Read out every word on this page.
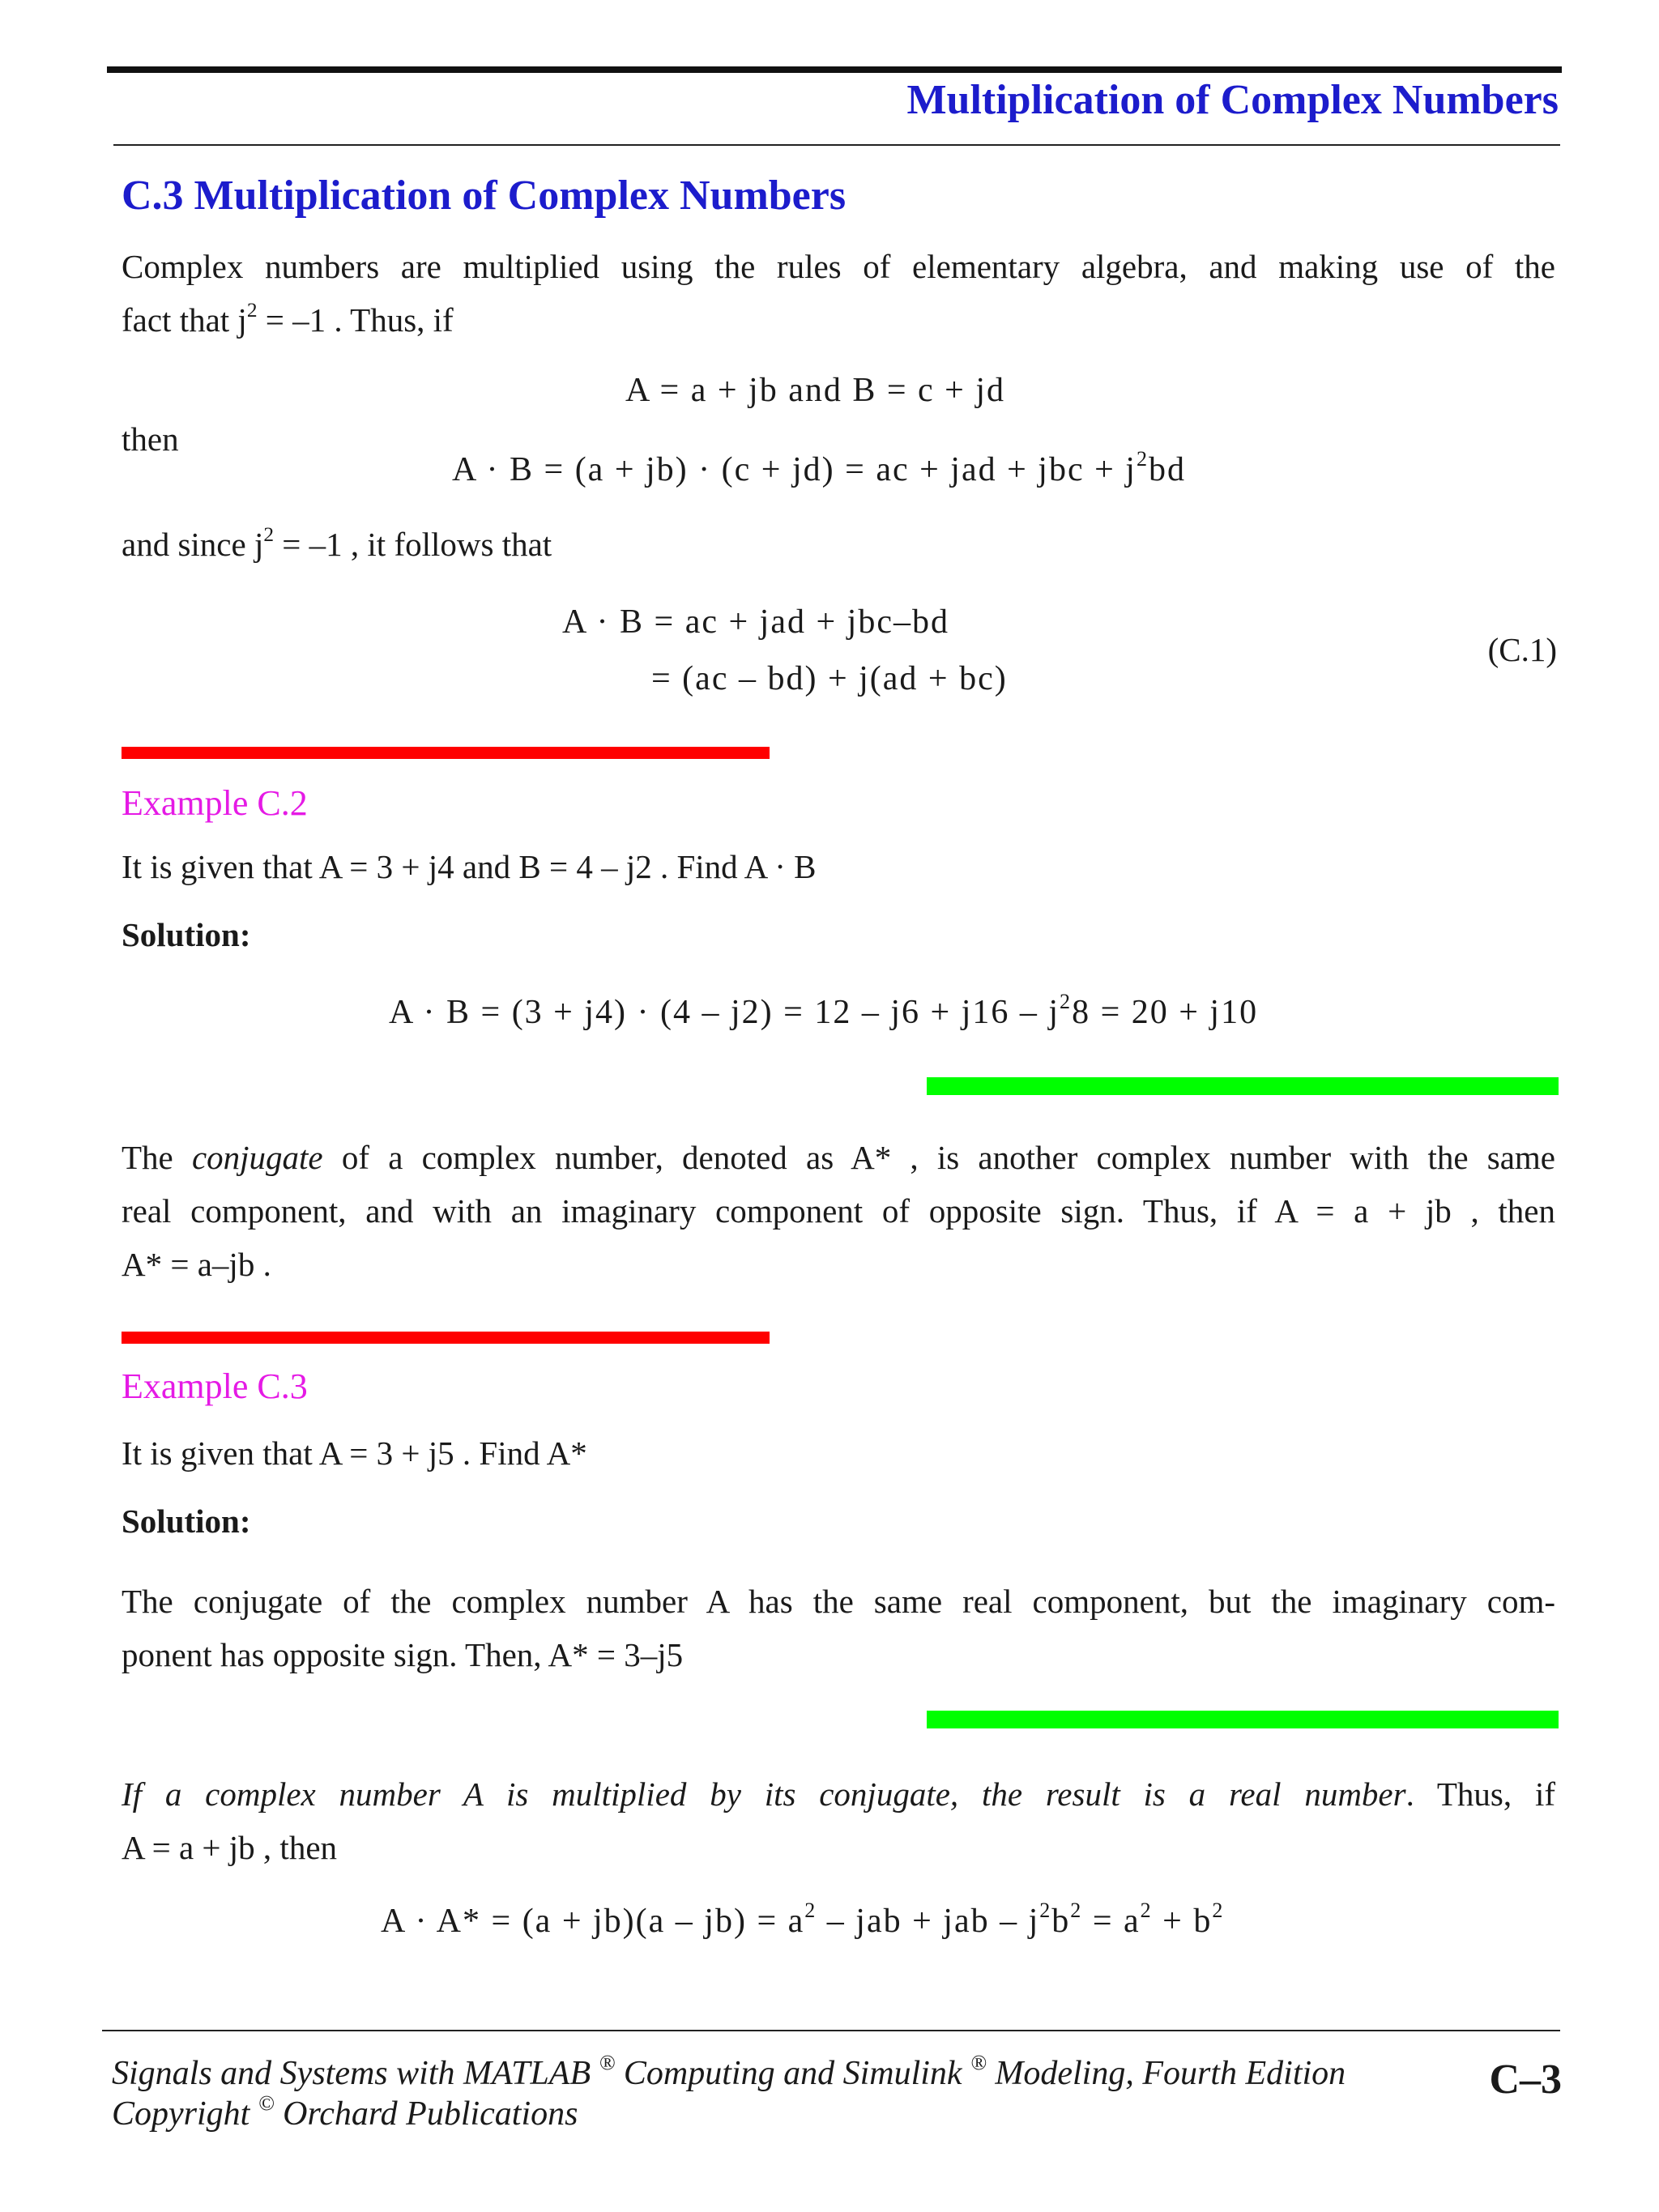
Multiplication of Complex Numbers
C.3 Multiplication of Complex Numbers
Complex numbers are multiplied using the rules of elementary algebra, and making use of the
fact that $j^2 = -1$ . Thus, if
A = a + jb and B = c + jd
then
A · B = (a + jb) · (c + jd) = ac + jad + jbc + $j^2bd$
and since $j^2 = -1$ , it follows that
A · B = ac + jad + jbc–bd
= (ac – bd) + j(ad + bc)
(C.1)
Example C.2
It is given that A = 3 + j4 and B = 4 – j2 . Find A · B
Solution:
$A \cdot B = (3 + j4) \cdot (4 - j2) = 12 - j6 + j16 - j^28 = 20 + j10$
The conjugate of a complex number, denoted as A* , is another complex number with the same
real component, and with an imaginary component of opposite sign. Thus, if A = a + jb , then
A* = a–jb .
Example C.3
It is given that A = 3 + j5 . Find A*
Solution:
The conjugate of the complex number A has the same real component, but the imaginary com-
ponent has opposite sign. Then, A* = 3–j5
If a complex number A is multiplied by its conjugate, the result is a real number. Thus, if
A = a + jb , then
$A \cdot A* = (a + jb)(a - jb) = a^2$ – jab + jab – $j^2b^2 = a^2 + b^2$
Signals and Systems with MATLAB ® Computing and Simulink ® Modeling, Fourth Edition
Copyright © Orchard Publications
C–3
